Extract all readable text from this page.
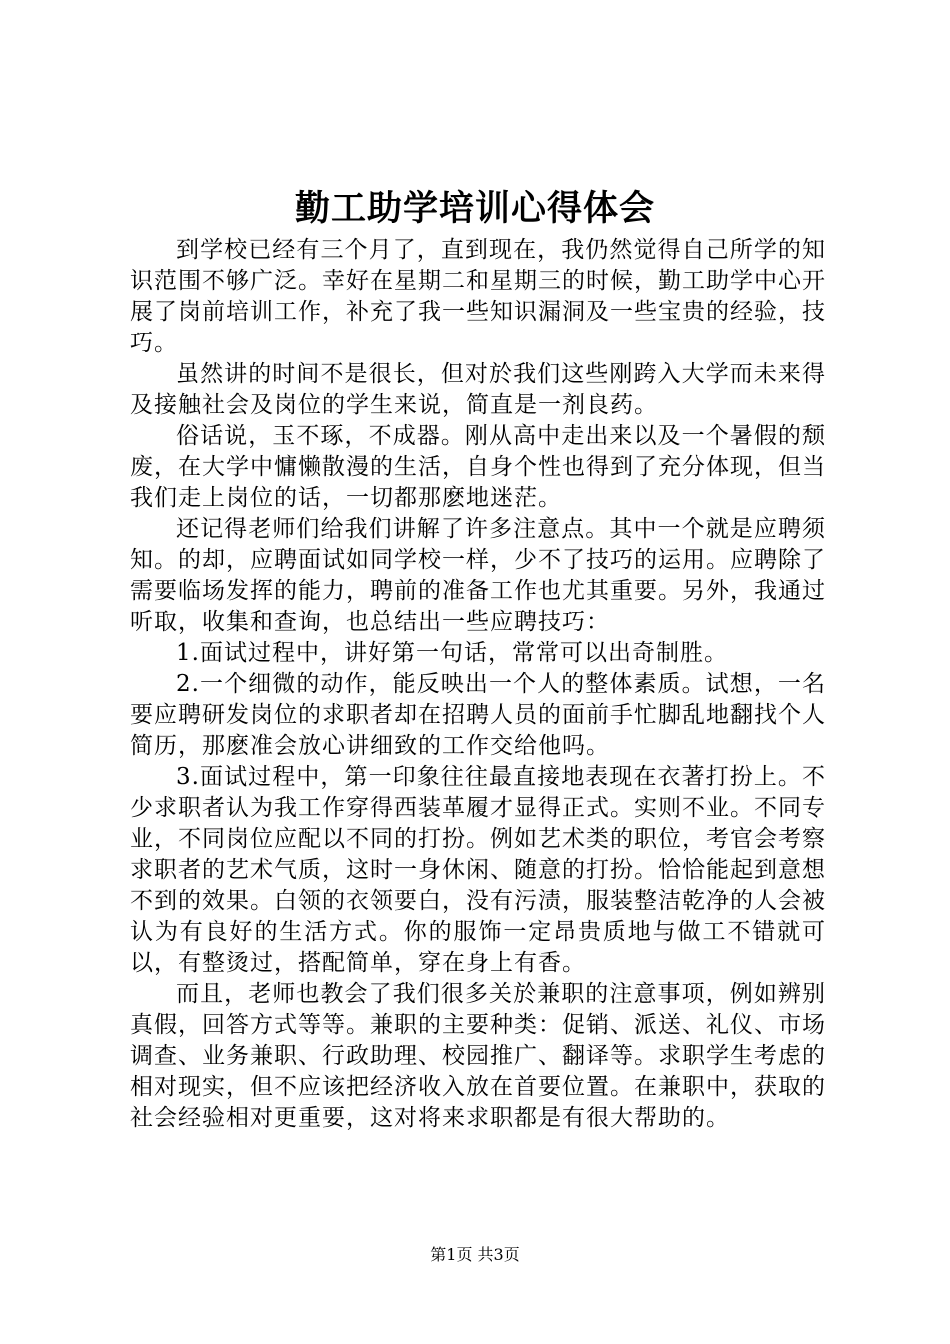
勤工助学培训心得体会

到学校已经有三个月了，直到现在，我仍然觉得自己所学的知识范围不够广泛。幸好在星期二和星期三的时候，勤工助学中心开展了岗前培训工作，补充了我一些知识漏洞及一些宝贵的经验，技巧。

虽然讲的时间不是很长，但对於我们这些刚跨入大学而未来得及接触社会及岗位的学生来说，简直是一剂良药。

俗话说，玉不琢，不成器。刚从高中走出来以及一个暑假的颓废，在大学中慵懒散漫的生活，自身个性也得到了充分体现，但当我们走上岗位的话，一切都那麽地迷茫。

还记得老师们给我们讲解了许多注意点。其中一个就是应聘须知。的却，应聘面试如同学校一样，少不了技巧的运用。应聘除了需要临场发挥的能力，聘前的准备工作也尤其重要。另外，我通过听取，收集和查询，也总结出一些应聘技巧：

1.面试过程中，讲好第一句话，常常可以出奇制胜。

2.一个细微的动作，能反映出一个人的整体素质。试想，一名要应聘研发岗位的求职者却在招聘人员的面前手忙脚乱地翻找个人简历，那麽准会放心讲细致的工作交给他吗。

3.面试过程中，第一印象往往最直接地表现在衣著打扮上。不少求职者认为我工作穿得西装革履才显得正式。实则不业。不同专业，不同岗位应配以不同的打扮。例如艺术类的职位，考官会考察求职者的艺术气质，这时一身休闲、随意的打扮。恰恰能起到意想不到的效果。白领的衣领要白，没有污渍，服装整洁乾净的人会被认为有良好的生活方式。你的服饰一定昂贵质地与做工不错就可以，有整烫过，搭配简单，穿在身上有香。

而且，老师也教会了我们很多关於兼职的注意事项，例如辨别真假，回答方式等等。兼职的主要种类：促销、派送、礼仪、市场调查、业务兼职、行政助理、校园推广、翻译等。求职学生考虑的相对现实，但不应该把经济收入放在首要位置。在兼职中，获取的社会经验相对更重要，这对将来求职都是有很大帮助的。

第1页 共3页
